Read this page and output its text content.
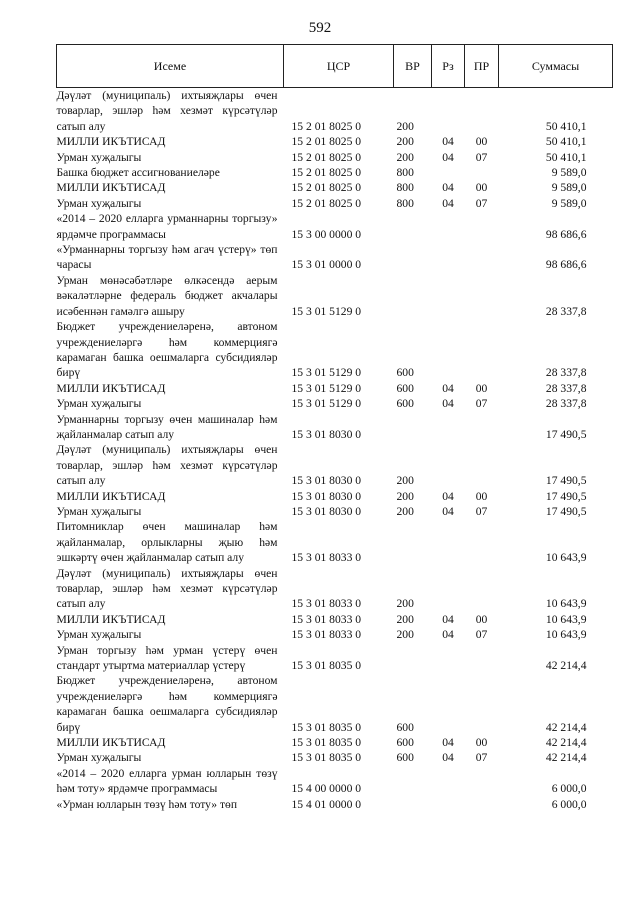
592
Исеме	ЦСР	ВР	Рз	ПР	Суммасы
Дәүләт (муниципаль) ихтыяҗлары өчен товарлар, эшләр һәм хезмәт күрсәтүләр сатып алу	15 2 01 8025 0	200			50 410,1
МИЛЛИ ИКЪТИСАД	15 2 01 8025 0	200	04	00	50 410,1
Урман хуҗалыгы	15 2 01 8025 0	200	04	07	50 410,1
Башка бюджет ассигнованиеләре	15 2 01 8025 0	800			9 589,0
МИЛЛИ ИКЪТИСАД	15 2 01 8025 0	800	04	00	9 589,0
Урман хуҗалыгы	15 2 01 8025 0	800	04	07	9 589,0
«2014 – 2020 елларга урманнарны торгызу» ярдәмче программасы	15 3 00 0000 0				98 686,6
«Урманнарны торгызу һәм агач үстерү» төп чарасы	15 3 01 0000 0				98 686,6
Урман мөнәсәбәтләре өлкәсендә аерым вәкаләтләрне федераль бюджет акчалары исәбеннән гамәлгә ашыру	15 3 01 5129 0				28 337,8
Бюджет учреждениеләренә, автоном учреждениеләргә һәм коммерциягә карамаган башка оешмаларга субсидияләр бирү	15 3 01 5129 0	600			28 337,8
МИЛЛИ ИКЪТИСАД	15 3 01 5129 0	600	04	00	28 337,8
Урман хуҗалыгы	15 3 01 5129 0	600	04	07	28 337,8
Урманнарны торгызу өчен машиналар һәм җайланмалар сатып алу	15 3 01 8030 0				17 490,5
Дәүләт (муниципаль) ихтыяҗлары өчен товарлар, эшләр һәм хезмәт күрсәтүләр сатып алу	15 3 01 8030 0	200			17 490,5
МИЛЛИ ИКЪТИСАД	15 3 01 8030 0	200	04	00	17 490,5
Урман хуҗалыгы	15 3 01 8030 0	200	04	07	17 490,5
Питомниклар өчен машиналар һәм җайланмалар, орлыкларны җыю һәм эшкәртү өчен җайланмалар сатып алу	15 3 01 8033 0				10 643,9
Дәүләт (муниципаль) ихтыяҗлары өчен товарлар, эшләр һәм хезмәт күрсәтүләр сатып алу	15 3 01 8033 0	200			10 643,9
МИЛЛИ ИКЪТИСАД	15 3 01 8033 0	200	04	00	10 643,9
Урман хуҗалыгы	15 3 01 8033 0	200	04	07	10 643,9
Урман торгызу һәм урман үстерү өчен стандарт утыртма материаллар үстерү	15 3 01 8035 0				42 214,4
Бюджет учреждениеләренә, автоном учреждениеләргә һәм коммерциягә карамаган башка оешмаларга субсидияләр бирү	15 3 01 8035 0	600			42 214,4
МИЛЛИ ИКЪТИСАД	15 3 01 8035 0	600	04	00	42 214,4
Урман хуҗалыгы	15 3 01 8035 0	600	04	07	42 214,4
«2014 – 2020 елларга урман юлларын төзү һәм тоту» ярдәмче программасы	15 4 00 0000 0				6 000,0
«Урман юлларын төзү һәм тоту» төп	15 4 01 0000 0				6 000,0
